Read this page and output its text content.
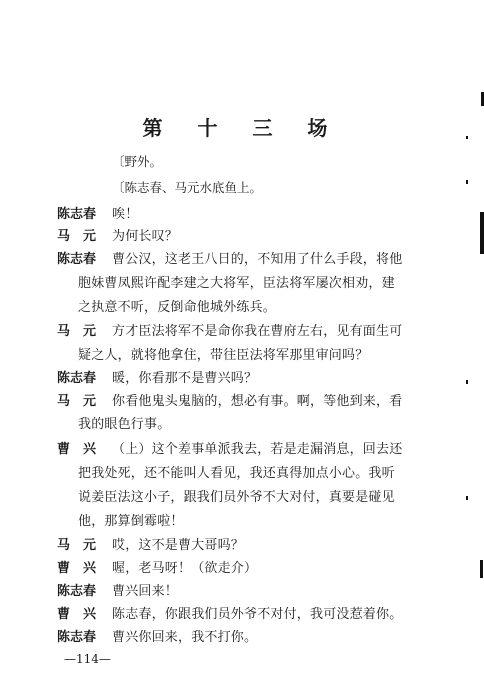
第 十 三 场
〔野外。
〔陈志春、马元水底鱼上。
陈志春	唉！
马　元	为何长叹？
陈志春	曹公汉，这老王八日的，不知用了什么手段，将他
胞妹曹凤熙许配李建之大将军，臣法将军屡次相劝，建
之执意不听，反倒命他城外练兵。
马　元	方才臣法将军不是命你我在曹府左右，见有面生可
疑之人，就将他拿住，带往臣法将军那里审问吗？
陈志春	暖，你看那不是曹兴吗？
马　元	你看他鬼头鬼脑的，想必有事。啊，等他到来，看
我的眼色行事。
曹　兴	（上）这个差事单派我去，若是走漏消息，回去还
把我处死，还不能叫人看见，我还真得加点小心。我听
说姜臣法这小子，跟我们员外爷不大对付，真要是碰见
他，那算倒霉啦！
马　元	哎，这不是曹大哥吗？
曹　兴	喔，老马呀！（欲走介）
陈志春	曹兴回来！
曹　兴	陈志春，你跟我们员外爷不对付，我可没惹着你。
陈志春	曹兴你回来，我不打你。
—114—
